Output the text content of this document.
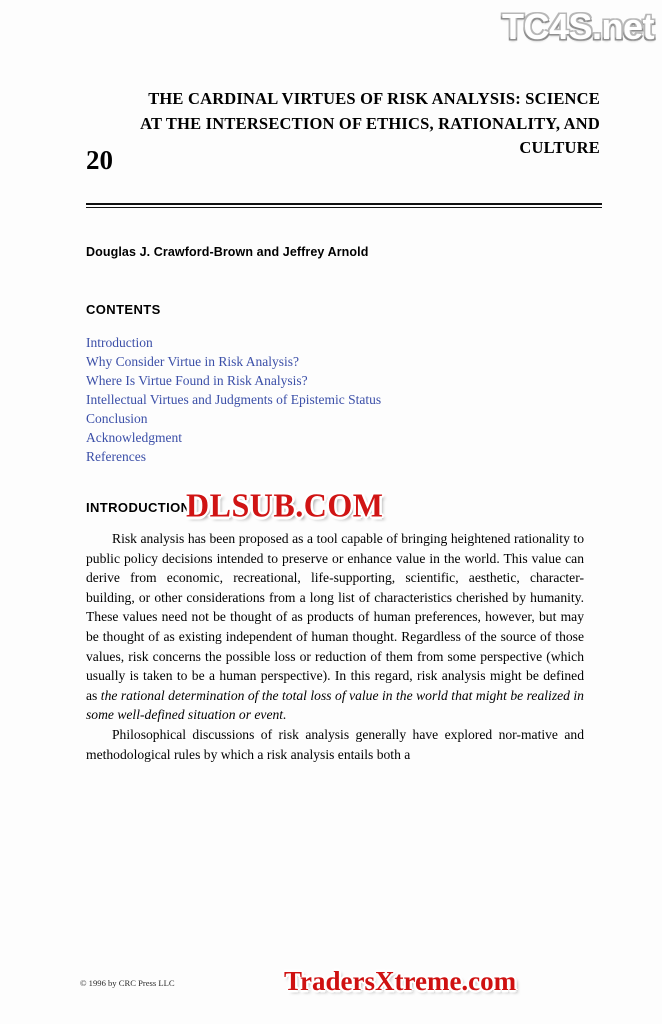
TC4S.net
20
THE CARDINAL VIRTUES OF RISK ANALYSIS: SCIENCE AT THE INTERSECTION OF ETHICS, RATIONALITY, AND CULTURE
Douglas J. Crawford-Brown and Jeffrey Arnold
CONTENTS
Introduction
Why Consider Virtue in Risk Analysis?
Where Is Virtue Found in Risk Analysis?
Intellectual Virtues and Judgments of Epistemic Status
Conclusion
Acknowledgment
References
INTRODUCTION

Risk analysis has been proposed as a tool capable of bringing heightened rationality to public policy decisions intended to preserve or enhance value in the world. This value can derive from economic, recreational, life-supporting, scientific, aesthetic, character-building, or other considerations from a long list of characteristics cherished by humanity. These values need not be thought of as products of human preferences, however, but may be thought of as existing independent of human thought. Regardless of the source of those values, risk concerns the possible loss or reduction of them from some perspective (which usually is taken to be a human perspective). In this regard, risk analysis might be defined as the rational determination of the total loss of value in the world that might be realized in some well-defined situation or event.

Philosophical discussions of risk analysis generally have explored nor-mative and methodological rules by which a risk analysis entails both a

DLSUB.COM
© 1996 by CRC Press LLC	TradersXtreme.com
